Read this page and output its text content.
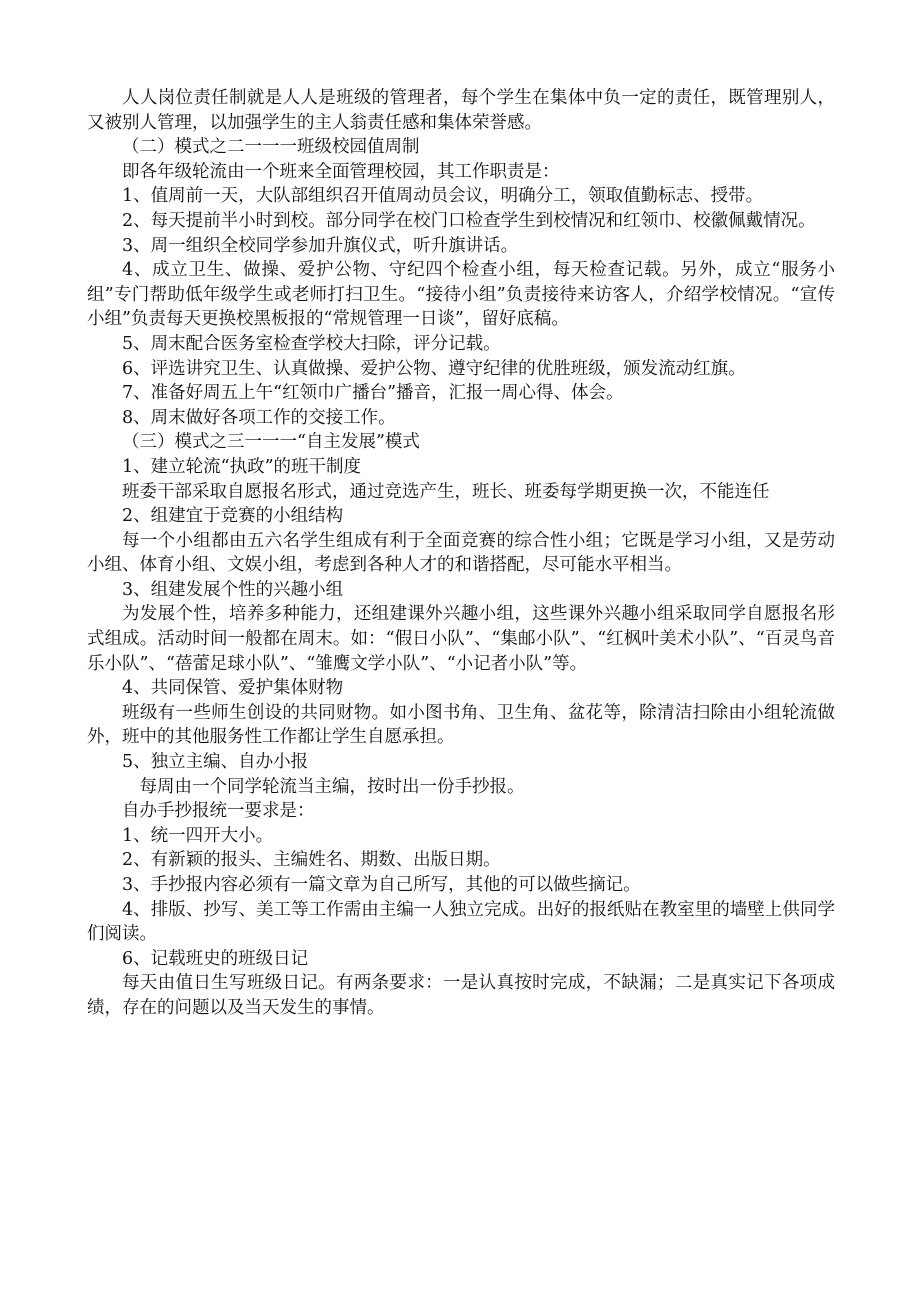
人人岗位责任制就是人人是班级的管理者，每个学生在集体中负一定的责任，既管理别人，又被别人管理，以加强学生的主人翁责任感和集体荣誉感。

（二）模式之二一一一班级校园值周制

即各年级轮流由一个班来全面管理校园，其工作职责是：

1、值周前一天，大队部组织召开值周动员会议，明确分工，领取值勤标志、授带。

2、每天提前半小时到校。部分同学在校门口检查学生到校情况和红领巾、校徽佩戴情况。

3、周一组织全校同学参加升旗仪式，听升旗讲话。

4、成立卫生、做操、爱护公物、守纪四个检查小组，每天检查记载。另外，成立“服务小组”专门帮助低年级学生或老师打扫卫生。“接待小组”负责接待来访客人，介绍学校情况。“宣传小组”负责每天更换校黑板报的“常规管理一日谈”，留好底稿。

5、周末配合医务室检查学校大扫除，评分记载。

6、评选讲究卫生、认真做操、爱护公物、遵守纪律的优胜班级，颁发流动红旗。

7、准备好周五上午“红领巾广播台”播音，汇报一周心得、体会。

8、周末做好各项工作的交接工作。

（三）模式之三一一一“自主发展”模式

1、建立轮流“执政”的班干制度

班委干部采取自愿报名形式，通过竞选产生，班长、班委每学期更换一次，不能连任

2、组建宜于竞赛的小组结构

每一个小组都由五六名学生组成有利于全面竞赛的综合性小组；它既是学习小组，又是劳动小组、体育小组、文娱小组，考虑到各种人才的和谐搭配，尽可能水平相当。

3、组建发展个性的兴趣小组

为发展个性，培养多种能力，还组建课外兴趣小组，这些课外兴趣小组采取同学自愿报名形式组成。活动时间一般都在周末。如：“假日小队”、“集邮小队”、“红枫叶美术小队”、“百灵鸟音乐小队”、“蓓蕾足球小队”、“雏鹰文学小队”、“小记者小队”等。

4、共同保管、爱护集体财物

班级有一些师生创设的共同财物。如小图书角、卫生角、盆花等，除清洁扫除由小组轮流做外，班中的其他服务性工作都让学生自愿承担。

5、独立主编、自办小报

每周由一个同学轮流当主编，按时出一份手抄报。

自办手抄报统一要求是：

1、统一四开大小。

2、有新颖的报头、主编姓名、期数、出版日期。

3、手抄报内容必须有一篇文章为自己所写，其他的可以做些摘记。

4、排版、抄写、美工等工作需由主编一人独立完成。出好的报纸贴在教室里的墙壁上供同学们阅读。

6、记载班史的班级日记

每天由值日生写班级日记。有两条要求：一是认真按时完成，不缺漏；二是真实记下各项成绩，存在的问题以及当天发生的事情。
